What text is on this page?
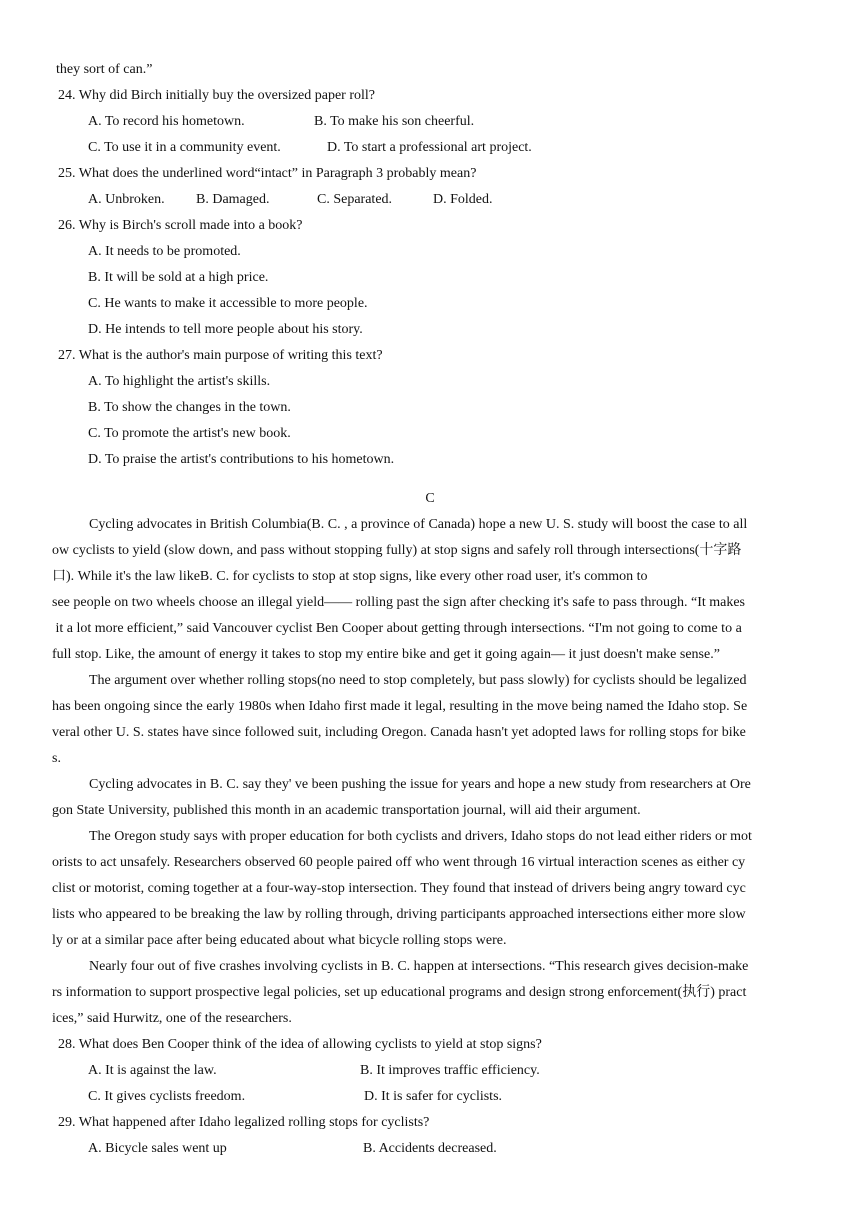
they sort of can.”
24. Why did Birch initially buy the oversized paper roll?
A. To record his hometown.	B. To make his son cheerful.
C. To use it in a community event.	D. To start a professional art project.
25. What does the underlined word“intact” in Paragraph 3 probably mean?
A. Unbroken. B. Damaged.	C. Separated.	D. Folded.
26. Why is Birch's scroll made into a book?
A. It needs to be promoted.
B. It will be sold at a high price.
C. He wants to make it accessible to more people.
D. He intends to tell more people about his story.
27. What is the author's main purpose of writing this text?
A. To highlight the artist's skills.
B. To show the changes in the town.
C. To promote the artist's new book.
D. To praise the artist's contributions to his hometown.
C
Cycling advocates in British Columbia(B. C. , a province of Canada) hope a new U. S. study will boost the case to all
ow cyclists to yield (slow down, and pass without stopping fully) at stop signs and safely roll through intersections(十字路
口). While it's the law likeB. C. for cyclists to stop at stop signs, like every other road user, it's common to
see people on two wheels choose an illegal yield—— rolling past the sign after checking it's safe to pass through. “It makes
it a lot more efficient,” said Vancouver cyclist Ben Cooper about getting through intersections. “I'm not going to come to a
full stop. Like, the amount of energy it takes to stop my entire bike and get it going again— it just doesn't make sense.”
The argument over whether rolling stops(no need to stop completely, but pass slowly) for cyclists should be legalized
has been ongoing since the early 1980s when Idaho first made it legal, resulting in the move being named the Idaho stop. Se
veral other U. S. states have since followed suit, including Oregon. Canada hasn't yet adopted laws for rolling stops for bike
s.
Cycling advocates in B. C. say they' ve been pushing the issue for years and hope a new study from researchers at Ore
gon State University, published this month in an academic transportation journal, will aid their argument.
The Oregon study says with proper education for both cyclists and drivers, Idaho stops do not lead either riders or mot
orists to act unsafely. Researchers observed 60 people paired off who went through 16 virtual interaction scenes as either cy
clist or motorist, coming together at a four-way-stop intersection. They found that instead of drivers being angry toward cyc
lists who appeared to be breaking the law by rolling through, driving participants approached intersections either more slow
ly or at a similar pace after being educated about what bicycle rolling stops were.
Nearly four out of five crashes involving cyclists in B. C. happen at intersections. “This research gives decision-make
rs information to support prospective legal policies, set up educational programs and design strong enforcement(执行) pract
ices,” said Hurwitz, one of the researchers.
28. What does Ben Cooper think of the idea of allowing cyclists to yield at stop signs?
A. It is against the law.	B. It improves traffic efficiency.
C. It gives cyclists freedom.	D. It is safer for cyclists.
29. What happened after Idaho legalized rolling stops for cyclists?
A. Bicycle sales went up	B. Accidents decreased.
